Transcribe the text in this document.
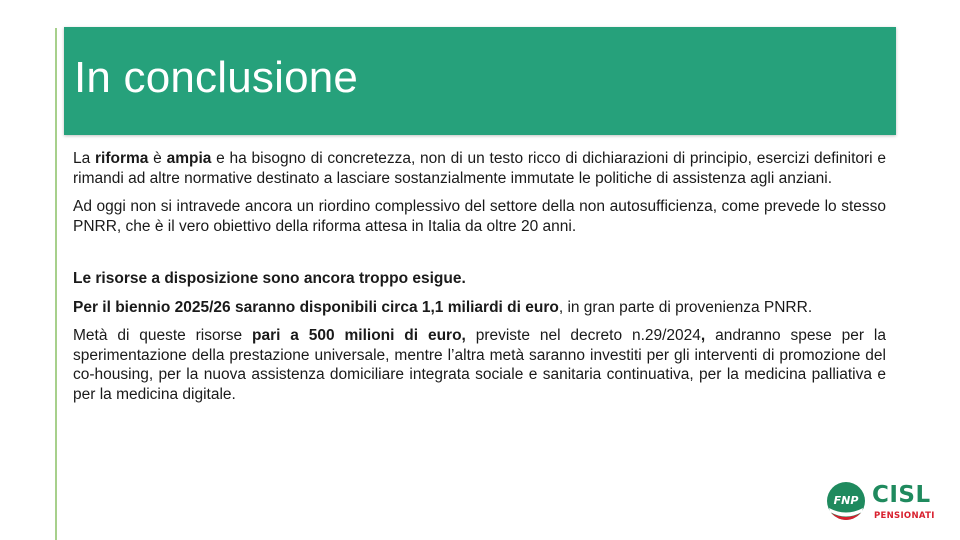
In conclusione

La riforma è ampia e ha bisogno di concretezza, non di un testo ricco di dichiarazioni di principio, esercizi definitori e rimandi ad altre normative destinato a lasciare sostanzialmente immutate le politiche di assistenza agli anziani.

Ad oggi non si intravede ancora un riordino complessivo del settore della non autosufficienza, come prevede lo stesso PNRR, che è il vero obiettivo della riforma attesa in Italia da oltre 20 anni.

Le risorse a disposizione sono ancora troppo esigue.

Per il biennio 2025/26 saranno disponibili circa 1,1 miliardi di euro, in gran parte di provenienza PNRR.

Metà di queste risorse pari a 500 milioni di euro, previste nel decreto n.29/2024, andranno spese per la sperimentazione della prestazione universale, mentre l’altra metà saranno investiti per gli interventi di promozione del co-housing, per la nuova assistenza domiciliare integrata sociale e sanitaria continuativa, per la medicina palliativa e per la medicina digitale.

FNP CISL
PENSIONATI
